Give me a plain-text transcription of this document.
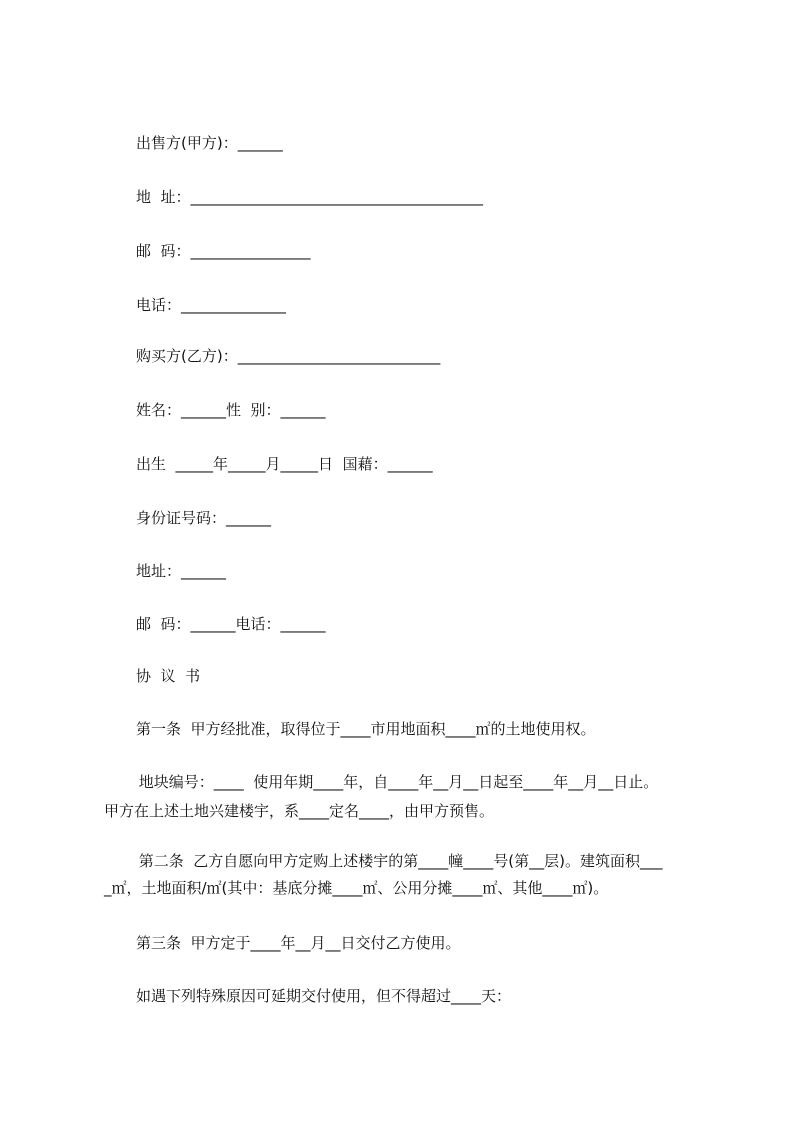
出售方(甲方)：______
地  址：_______________________________________
邮  码：________________
电话：______________
购买方(乙方)：___________________________
姓名：______性  别：______
出生  _____年_____月_____日  国藉：______
身份证号码：______
地址：______
邮  码：______电话：______
协  议  书
第一条  甲方经批准，取得位于____市用地面积____㎡的土地使用权。
地块编号：____  使用年期____年，自____年__月__日起至____年__月__日止。
甲方在上述土地兴建楼宇，系____定名____，由甲方预售。
第二条  乙方自愿向甲方定购上述楼宇的第____幢____号(第__层)。建筑面积___
_㎡，土地面积/㎡(其中：基底分摊____㎡、公用分摊____㎡、其他____㎡)。
第三条  甲方定于____年__月__日交付乙方使用。
如遇下列特殊原因可延期交付使用，但不得超过____天：
